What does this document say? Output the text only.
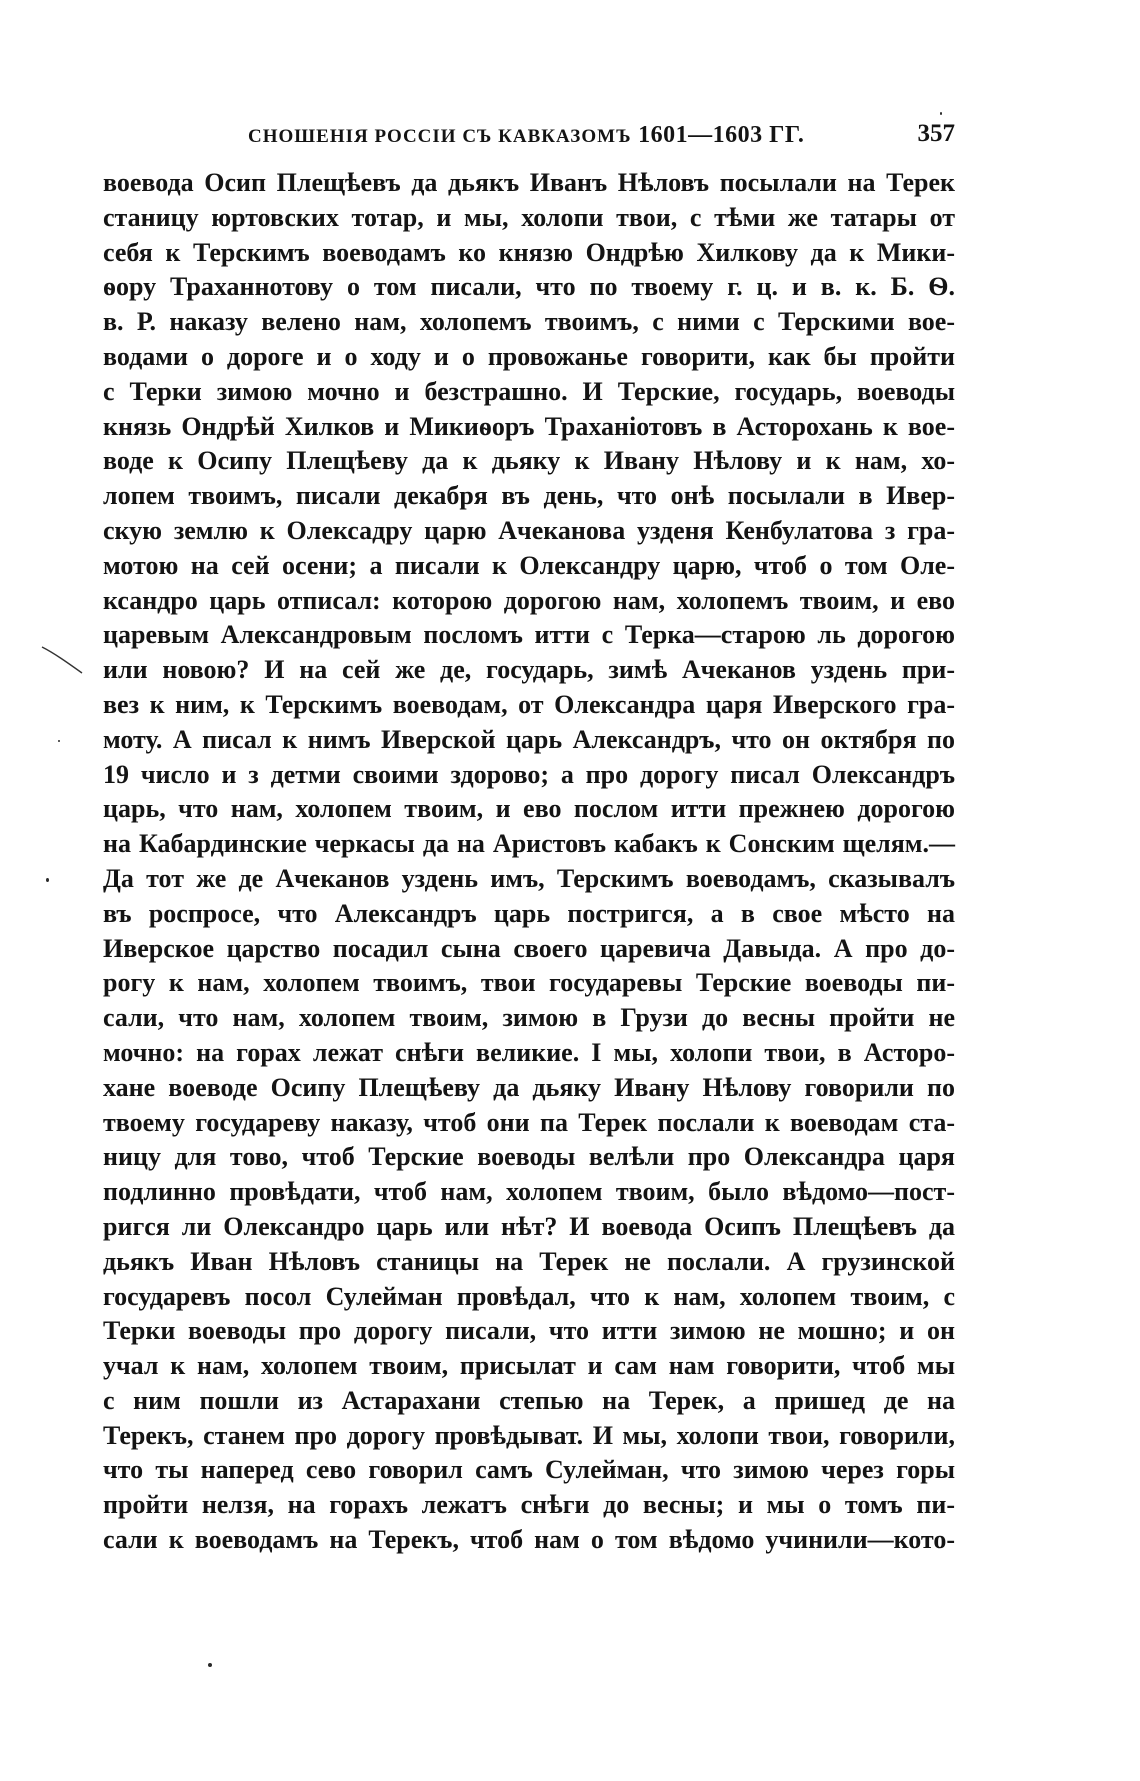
СНОШЕНІЯ РОССІИ СЪ КАВКАЗОМЪ 1601—1603 ГГ.	357
воевода Осип Плещѣевъ да дьякъ Иванъ Нѣловъ посылали на Терек
станицу юртовских тотар, и мы, холопи твои, с тѣми же татары от
себя к Терскимъ воеводамъ ко князю Ондрѣю Хилкову да к Мики-
ѳору Траханнотову о том писали, что по твоему г. ц. и в. к. Б. Ѳ.
в. Р. наказу велено нам, холопемъ твоимъ, с ними с Терскими вое-
водами о дороге и о ходу и о провожанье говорити, как бы пройти
с Терки зимою мочно и безстрашно. И Терские, государь, воеводы
князь Ондрѣй Хилков и Микиѳоръ Траханіотовъ в Асторохань к вое-
воде к Осипу Плещѣеву да к дьяку к Ивану Нѣлову и к нам, хо-
лопем твоимъ, писали декабря въ день, что онѣ посылали в Ивер-
скую землю к Олексадру царю Ачеканова узденя Кенбулатова з гра-
мотою на сей осени; а писали к Олександру царю, чтоб о том Оле-
ксандро царь отписал: которою дорогою нам, холопемъ твоим, и ево
царевым Александровым посломъ итти с Терка—старою ль дорогою
или новою? И на сей же де, государь, зимѣ Ачеканов уздень при-
вез к ним, к Терскимъ воеводам, от Олександра царя Иверского гра-
моту. А писал к нимъ Иверской царь Александръ, что он октября по
19 число и з детми своими здорово; а про дорогу писал Олександръ
царь, что нам, холопем твоим, и ево послом итти прежнею дорогою
на Кабардинские черкасы да на Аристовъ кабакъ к Сонским щелям.—
Да тот же де Ачеканов уздень имъ, Терскимъ воеводамъ, сказывалъ
въ роспросе, что Александръ царь постригся, а в свое мѣсто на
Иверское царство посадил сына своего царевича Давыда. А про до-
рогу к нам, холопем твоимъ, твои государевы Терские воеводы пи-
сали, что нам, холопем твоим, зимою в Грузи до весны пройти не
мочно: на горах лежат снѣги великие. I мы, холопи твои, в Асторо-
хане воеводе Осипу Плещѣеву да дьяку Ивану Нѣлову говорили по
твоему государеву наказу, чтоб они па Терек послали к воеводам ста-
ницу для тово, чтоб Терские воеводы велѣли про Олександра царя
подлинно провѣдати, чтоб нам, холопем твоим, было вѣдомо—пост-
ригся ли Олександро царь или нѣт? И воевода Осипъ Плещѣевъ да
дьякъ Иван Нѣловъ станицы на Терек не послали. А грузинской
государевъ посол Сулейман провѣдал, что к нам, холопем твоим, с
Терки воеводы про дорогу писали, что итти зимою не мошно; и он
учал к нам, холопем твоим, присылат и сам нам говорити, чтоб мы
с ним пошли из Астарахани степью на Терек, а пришед де на
Терекъ, станем про дорогу провѣдыват. И мы, холопи твои, говорили,
что ты наперед сево говорил самъ Сулейман, что зимою через горы
пройти нелзя, на горахъ лежатъ снѣги до весны; и мы о томъ пи-
сали к воеводамъ на Терекъ, чтоб нам о том вѣдомо учинили—кото-
